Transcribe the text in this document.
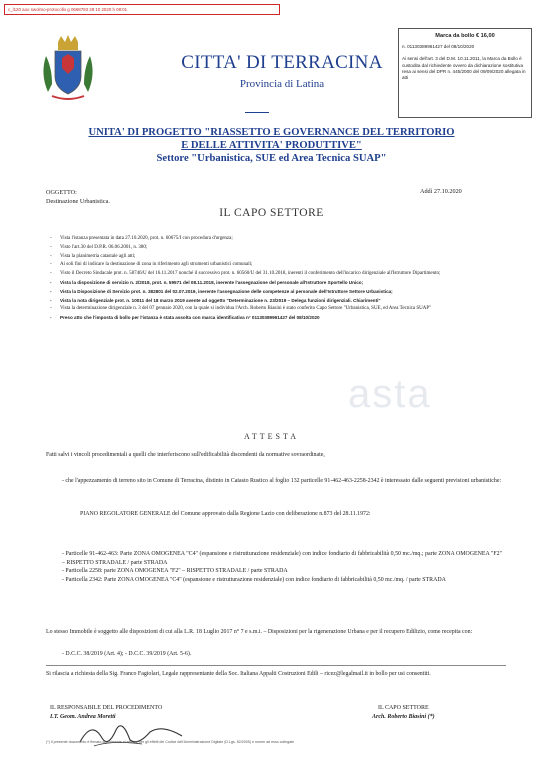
c_l120 aoo swolmo-protocollo g 0668793 28 10 2020 h 08:01
CITTA' DI TERRACINA
Provincia di Latina
Marca da bollo € 16,00
n. 01130389961427 del 08/10/2020
Ai sensi dell'art. 3 del D.M. 10.11.2011, la Marca da Bollo è custodita dal richiedente ovvero da dichiarazione sostitutiva resa ai sensi del DPR n. 445/2000 del 09/09/2020 allegata in atti
UNITA' DI PROGETTO "RIASSETTO E GOVERNANCE DEL TERRITORIO
E DELLE ATTIVITA' PRODUTTIVE"
Settore "Urbanistica, SUE ed Area Tecnica SUAP"
OGGETTO:
Destinazione Urbanistica.
Addì 27.10.2020
IL CAPO SETTORE
- Vista l'istanza presentata in data 27.10.2020, prot. n. 60675/I con procedura d'urgenza;
- Visto l'art.30 del D.P.R. 06.06.2001, n. 380;
- Vista la planimetria catastale agli atti;
- Ai soli fini di indicare la destinazione di zona in riferimento agli strumenti urbanistici comunali;
- Visto il Decreto Sindacale prot. n. 58746/U del 16.11.2017 nonché il successivo prot. n. 60560/U del 31.10.2018, inerenti il conferimento dell'incarico dirigenziale all'Istruttore Dipartimento;
- Vista la disposizione di servizio n. 2/2018, prot. n. 59571 del 08.11.2018, inerente l'assegnazione del personale all'Istruttore Sportello Unico;
- Vista la Disposizione di Servizio prot. n. 382801 del 02.07.2019, inerente l'assegnazione delle competenze al personale dell'Istruttore Settore Urbanistica;
- Vista la nota dirigenziale prot. n. 10011 del 18 marzo 2019 avente ad oggetto "Determinazione n. 23/2019 – Delega funzioni dirigenziali. Chiarimenti"
- Vista la determinazione dirigenziale n. 3 del 07 gennaio 2020, con la quale si individua l'Arch. Roberto Biasini è stato conferito Capo Settore "Urbanistica, SUE, ed Area Tecnica SUAP"
- Preso atto che l'imposta di bollo per l'istanza è stata assolta con marca identificativa n° 01130389961427 del 08/10/2020
asta
ATTESTA
Fatti salvi i vincoli procedimentali a quelli che interferiscono sull'edificabilità discendenti da normative sovraordinate,
- che l'appezzamento di terreno sito in Comune di Terracina, distinto in Catasto Rustico al foglio 132 particelle 91-462-463-2258-2342 è interessato dalle seguenti previsioni urbanistiche:
PIANO REGOLATORE GENERALE del Comune approvato dalla Regione Lazio con deliberazione n.873 del 28.11.1972:
- Particelle 91-462-463: Parte ZONA OMOGENEA "C4" (espansione e ristrutturazione residenziale) con indice fondiario di fabbricabilità 0,50 mc./mq.; parte ZONA OMOGENEA "F2" – RISPETTO STRADALE / parte STRADA
- Particella 2258: parte ZONA OMOGENEA "F2" – RISPETTO STRADALE / parte STRADA
- Particella 2342: Parte ZONA OMOGENEA "C4" (espansione e ristrutturazione residenziale) con indice fondiario di fabbricabilità 0,50 mc./mq. / parte STRADA
Lo stesso Immobile è soggetto alle disposizioni di cui alla L.R. 18 Luglio 2017 n° 7 e s.m.i. – Disposizioni per la rigenerazione Urbana e per il recupero Edilizio, come recepita con:
- D.C.C. 38/2019 (Art. 4); - D.C.C. 39/2019 (Art. 5-6).
Si rilascia a richiesta della Sig. Franco Fagiolari, Legale rappresentante della Soc. Italiana Appalti Costruzioni Edili – ricez@legalmail.it in bollo per usi consentiti.
IL RESPONSABILE DEL PROCEDIMENTO
I.T. Geom. Andrea Moretti
IL CAPO SETTORE
Arch. Roberto Biasini (*)
(*) Il presente documento è firmato digitalmente ai sensi e per gli effetti del Codice dell'Amministrazione Digitale (D.Lgs. 82/2005) e norme ad esso collegate
